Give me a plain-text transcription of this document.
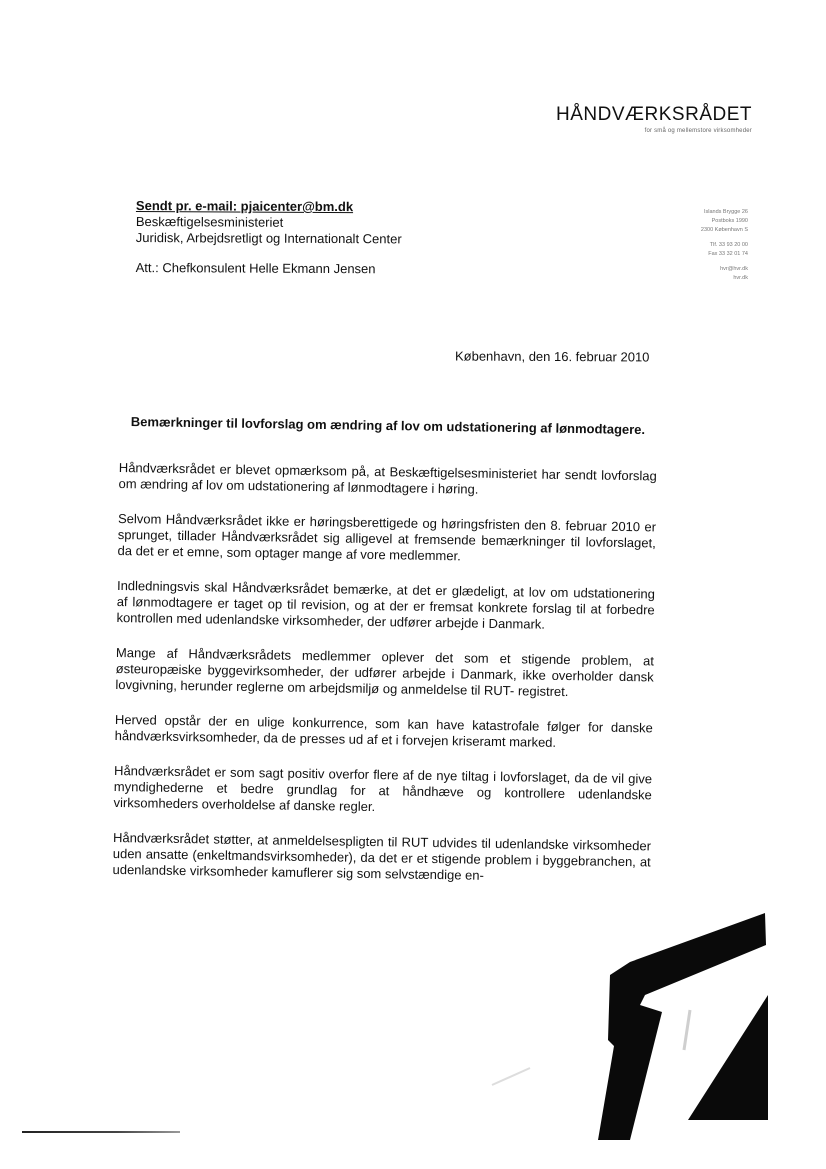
HÅNDVÆRKSRÅDET
for små og mellemstore virksomheder
Islands Brygge 26
Postboks 1990
2300 København S
Tlf. 33 93 20 00
Fax 33 32 01 74
hvr@hvr.dk
hvr.dk
Sendt pr. e-mail: pjaicenter@bm.dk
Beskæftigelsesministeriet
Juridisk, Arbejdsretligt og Internationalt Center
Att.: Chefkonsulent Helle Ekmann Jensen
København, den 16. februar 2010
Bemærkninger til lovforslag om ændring af lov om udstationering af lønmodtagere.

Håndværksrådet er blevet opmærksom på, at Beskæftigelsesministeriet har sendt lovforslag om ændring af lov om udstationering af lønmodtagere i høring.

Selvom Håndværksrådet ikke er høringsberettigede og høringsfristen den 8. februar 2010 er sprunget, tillader Håndværksrådet sig alligevel at fremsende bemærkninger til lovforslaget, da det er et emne, som optager mange af vore medlemmer.

Indledningsvis skal Håndværksrådet bemærke, at det er glædeligt, at lov om udstationering af lønmodtagere er taget op til revision, og at der er fremsat konkrete forslag til at forbedre kontrollen med udenlandske virksomheder, der udfører arbejde i Danmark.

Mange af Håndværksrådets medlemmer oplever det som et stigende problem, at østeuropæiske byggevirksomheder, der udfører arbejde i Danmark, ikke overholder dansk lovgivning, herunder reglerne om arbejdsmiljø og anmeldelse til RUT- registret.

Herved opstår der en ulige konkurrence, som kan have katastrofale følger for danske håndværksvirksomheder, da de presses ud af et i forvejen kriseramt marked.

Håndværksrådet er som sagt positiv overfor flere af de nye tiltag i lovforslaget, da de vil give myndighederne et bedre grundlag for at håndhæve og kontrollere udenlandske virksomheders overholdelse af danske regler.

Håndværksrådet støtter, at anmeldelsespligten til RUT udvides til udenlandske virksomheder uden ansatte (enkeltmandsvirksomheder), da det er et stigende problem i byggebranchen, at udenlandske virksomheder kamuflerer sig som selvstændige en-
